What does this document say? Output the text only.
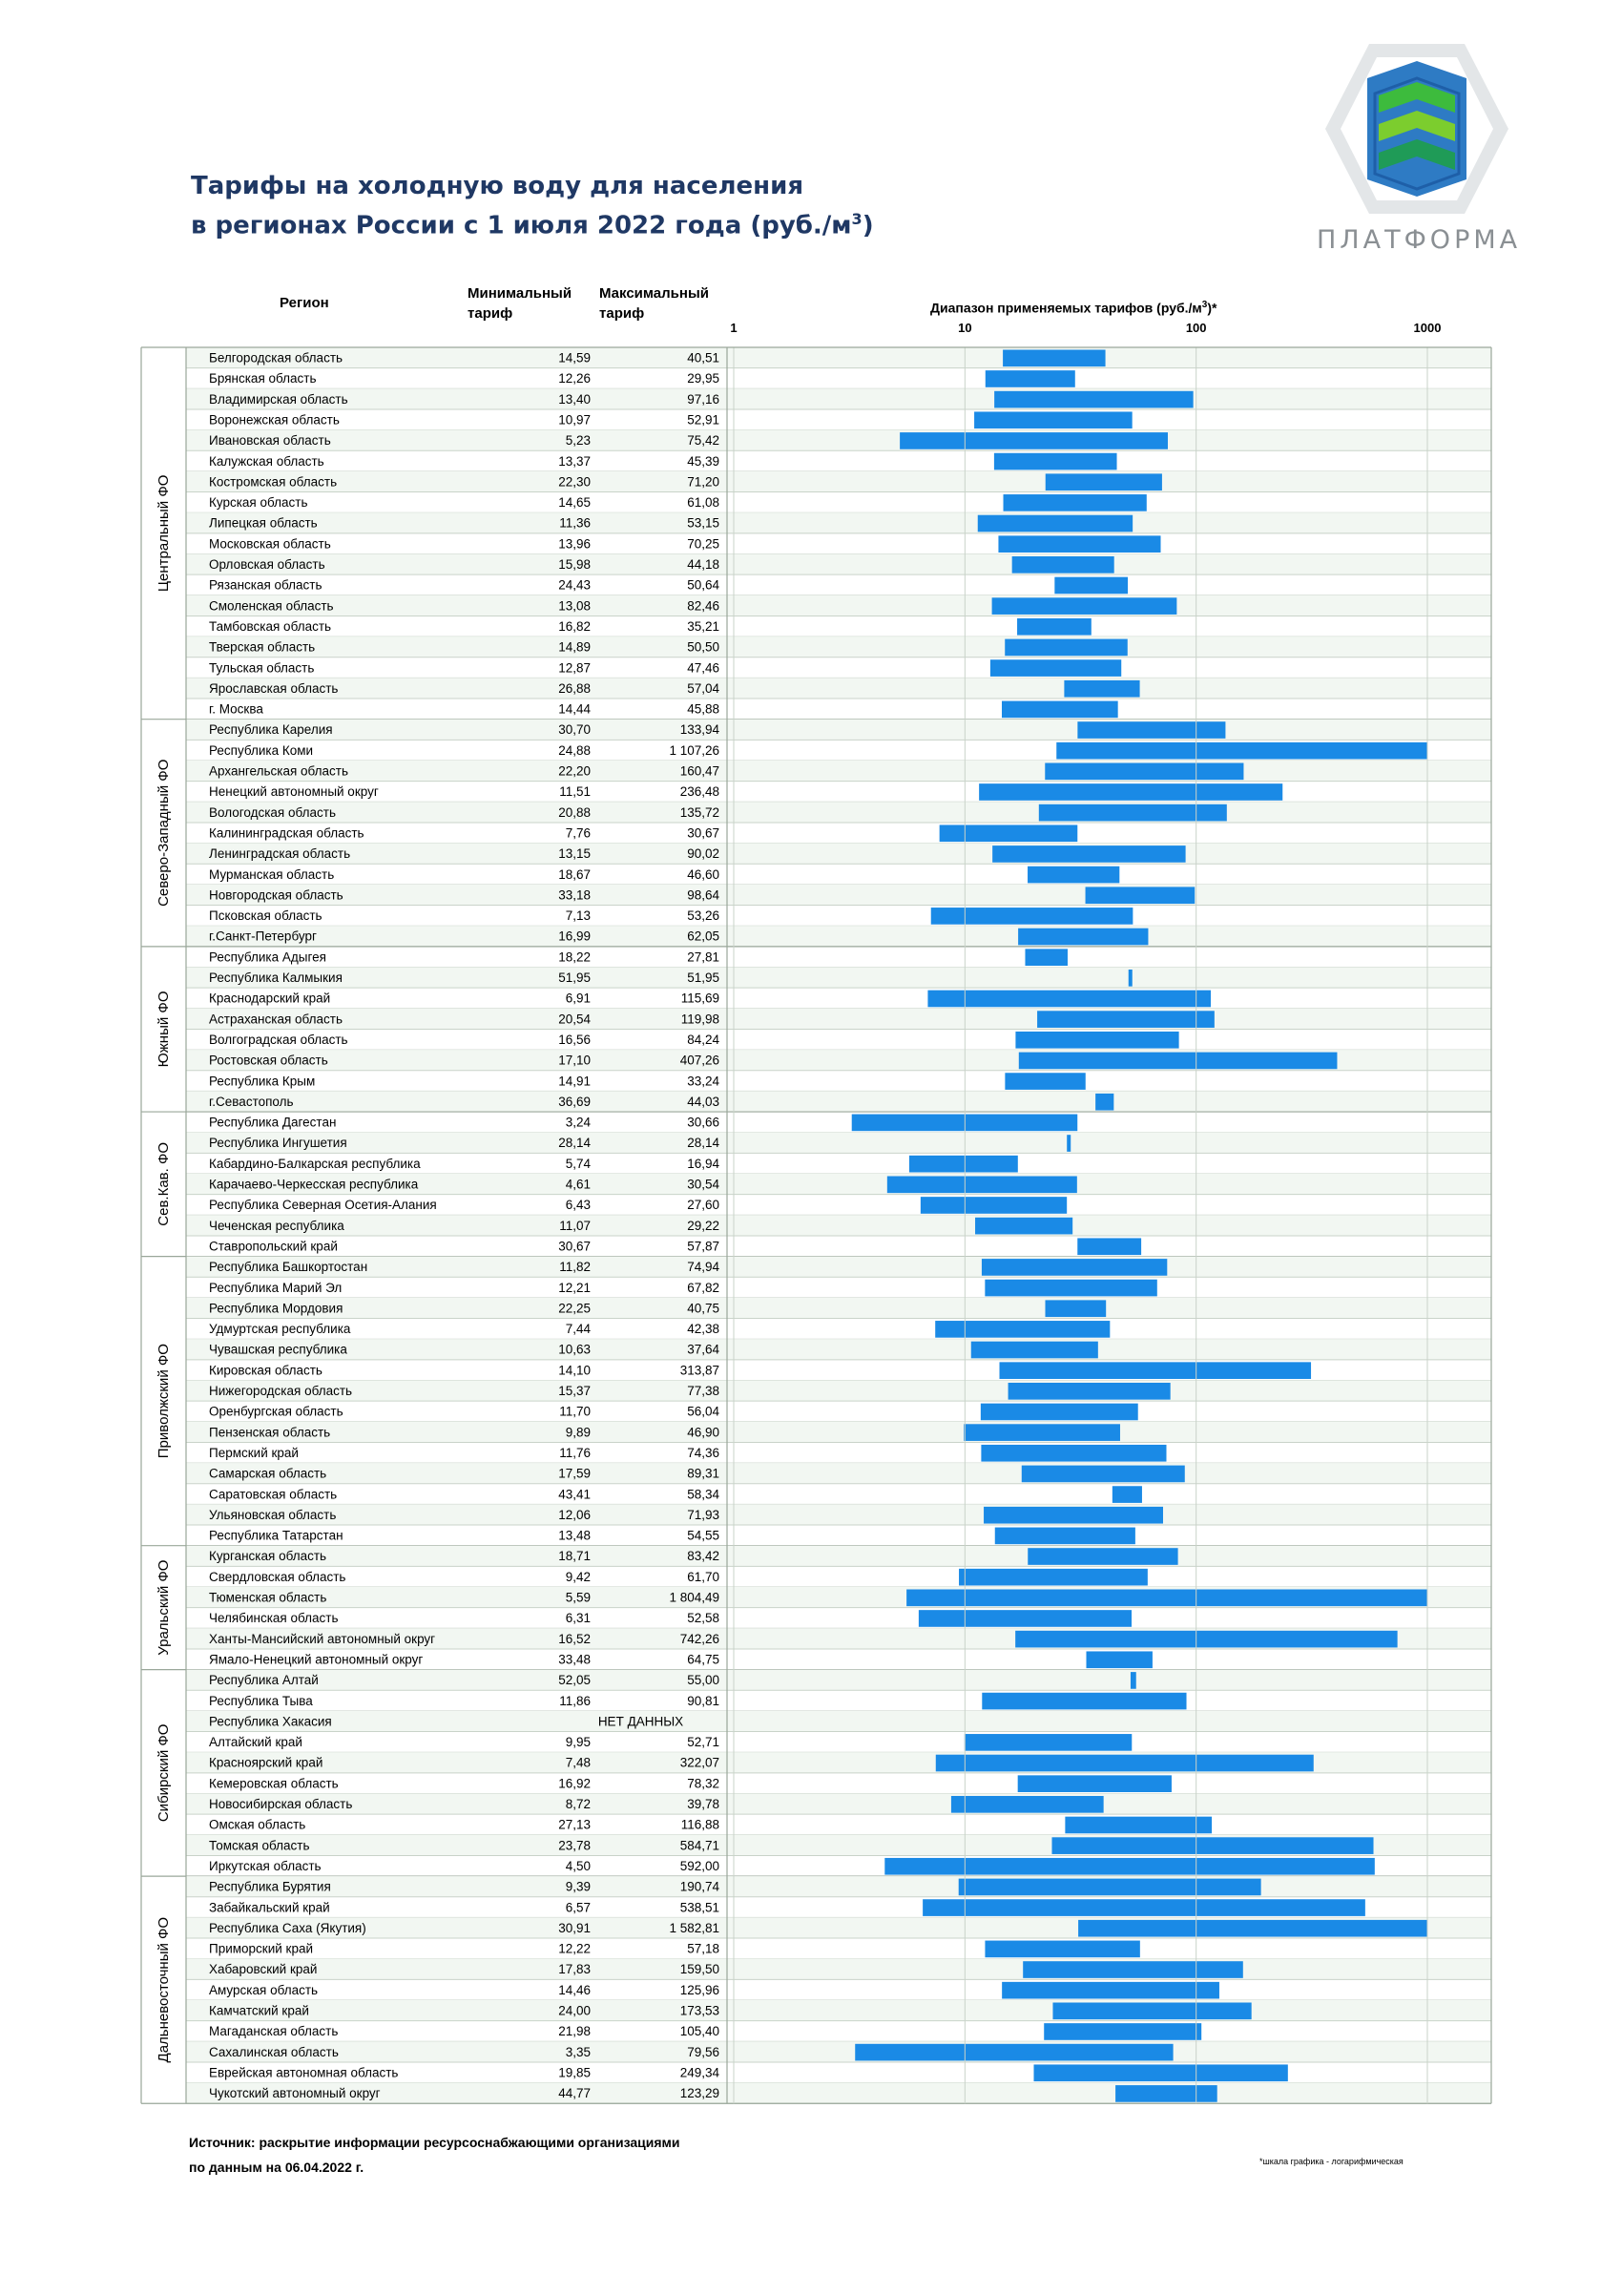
Тарифы на холодную воду для населения
в регионах России с 1 июля 2022 года $(руб./м^3)$	ПЛАТФОРМА
Регион
Минимальный
тариф
Максимальный
тариф	Диапазон применяемых тарифов $(руб./м^3)*$
1	10	100	1000
Белгородская область	14,59	40,51
Брянская область	12,26	29,95
Владимирская область	13,40	97,16
Воронежская область	10,97	52,91
Ивановская область	5,23	75,42
Калужская область	13,37	45,39
Костромская область	22,30	71,20
Курская область	14,65	61,08
Липецкая область	11,36	53,15
Московская область	13,96	70,25
Орловская область	15,98	44,18
Рязанская область	24,43	50,64
Смоленская область	13,08	82,46
Тамбовская область	16,82	35,21
Тверская область	14,89	50,50
Тульская область	12,87	47,46
Ярославская область	26,88	57,04
г. Москва	14,44	45,88
Центральный ФО
Республика Карелия	30,70	133,94
Республика Коми	24,88	1 107,26
Архангельская область	22,20	160,47
Ненецкий автономный округ	11,51	236,48
Вологодская область	20,88	135,72
Калининградская область	7,76	30,67
Ленинградская область	13,15	90,02
Мурманская область	18,67	46,60
Новгородская область	33,18	98,64
Псковская область	7,13	53,26
г.Санкт-Петербург	16,99	62,05
Северо-Западный ФО
Республика Адыгея	18,22	27,81
Республика Калмыкия	51,95	51,95
Краснодарский край	6,91	115,69
Астраханская область	20,54	119,98
Волгоградская область	16,56	84,24
Ростовская область	17,10	407,26
Республика Крым	14,91	33,24
г.Севастополь	36,69	44,03
Южный ФО
Республика Дагестан	3,24	30,66
Республика Ингушетия	28,14	28,14
Кабардино-Балкарская республика	5,74	16,94
Карачаево-Черкесская республика	4,61	30,54
Республика Северная Осетия-Алания	6,43	27,60
Чеченская республика	11,07	29,22
Ставропольский край	30,67	57,87
Сев.Кав. ФО
Республика Башкортостан	11,82	74,94
Республика Марий Эл	12,21	67,82
Республика Мордовия	22,25	40,75
Удмуртская республика	7,44	42,38
Чувашская республика	10,63	37,64
Кировская область	14,10	313,87
Нижегородская область	15,37	77,38
Оренбургская область	11,70	56,04
Пензенская область	9,89	46,90
Пермский край	11,76	74,36
Самарская область	17,59	89,31
Саратовская область	43,41	58,34
Ульяновская область	12,06	71,93
Республика Татарстан	13,48	54,55
Приволжский ФО
Курганская область	18,71	83,42
Свердловская область	9,42	61,70
Тюменская область	5,59	1 804,49
Челябинская область	6,31	52,58
Ханты-Мансийский автономный округ	16,52	742,26
Ямало-Ненецкий автономный округ	33,48	64,75
Уральский ФО
Республика Алтай	52,05	55,00
Республика Тыва	11,86	90,81
Республика Хакасия	НЕТ ДАННЫХ
Алтайский край	9,95	52,71
Красноярский край	7,48	322,07
Кемеровская область	16,92	78,32
Новосибирская область	8,72	39,78
Омская область	27,13	116,88
Томская область	23,78	584,71
Иркутская область	4,50	592,00
Сибирский ФО
Республика Бурятия	9,39	190,74
Забайкальский край	6,57	538,51
Республика Саха (Якутия)	30,91	1 582,81
Приморский край	12,22	57,18
Хабаровский край	17,83	159,50
Амурская область	14,46	125,96
Камчатский край	24,00	173,53
Магаданская область	21,98	105,40
Сахалинская область	3,35	79,56
Еврейская автономная область	19,85	249,34
Чукотский автономный округ	44,77	123,29
Дальневосточный ФО
Источник: раскрытие информации ресурсоснабжающими организациями
по данным на 06.04.2022 г.	*шкала графика - логарифмическая
